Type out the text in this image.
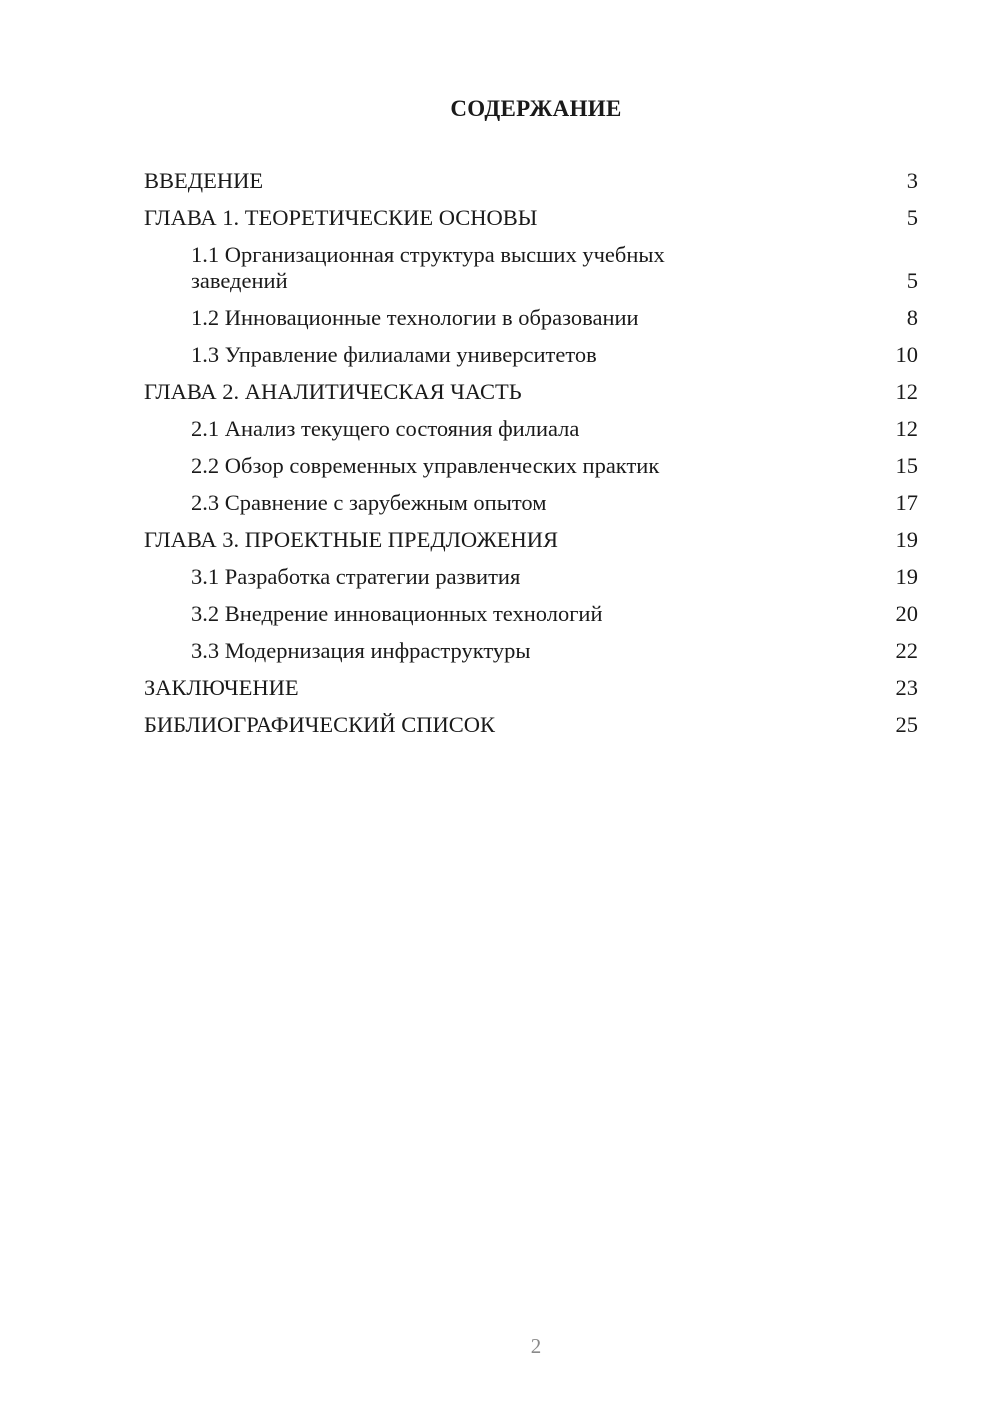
СОДЕРЖАНИЕ
ВВЕДЕНИЕ	3
ГЛАВА 1. ТЕОРЕТИЧЕСКИЕ ОСНОВЫ	5
1.1 Организационная структура высших учебных заведений	5
1.2 Инновационные технологии в образовании	8
1.3 Управление филиалами университетов	10
ГЛАВА 2. АНАЛИТИЧЕСКАЯ ЧАСТЬ	12
2.1 Анализ текущего состояния филиала	12
2.2 Обзор современных управленческих практик	15
2.3 Сравнение с зарубежным опытом	17
ГЛАВА 3. ПРОЕКТНЫЕ ПРЕДЛОЖЕНИЯ	19
3.1 Разработка стратегии развития	19
3.2 Внедрение инновационных технологий	20
3.3 Модернизация инфраструктуры	22
ЗАКЛЮЧЕНИЕ	23
БИБЛИОГРАФИЧЕСКИЙ СПИСОК	25
2
